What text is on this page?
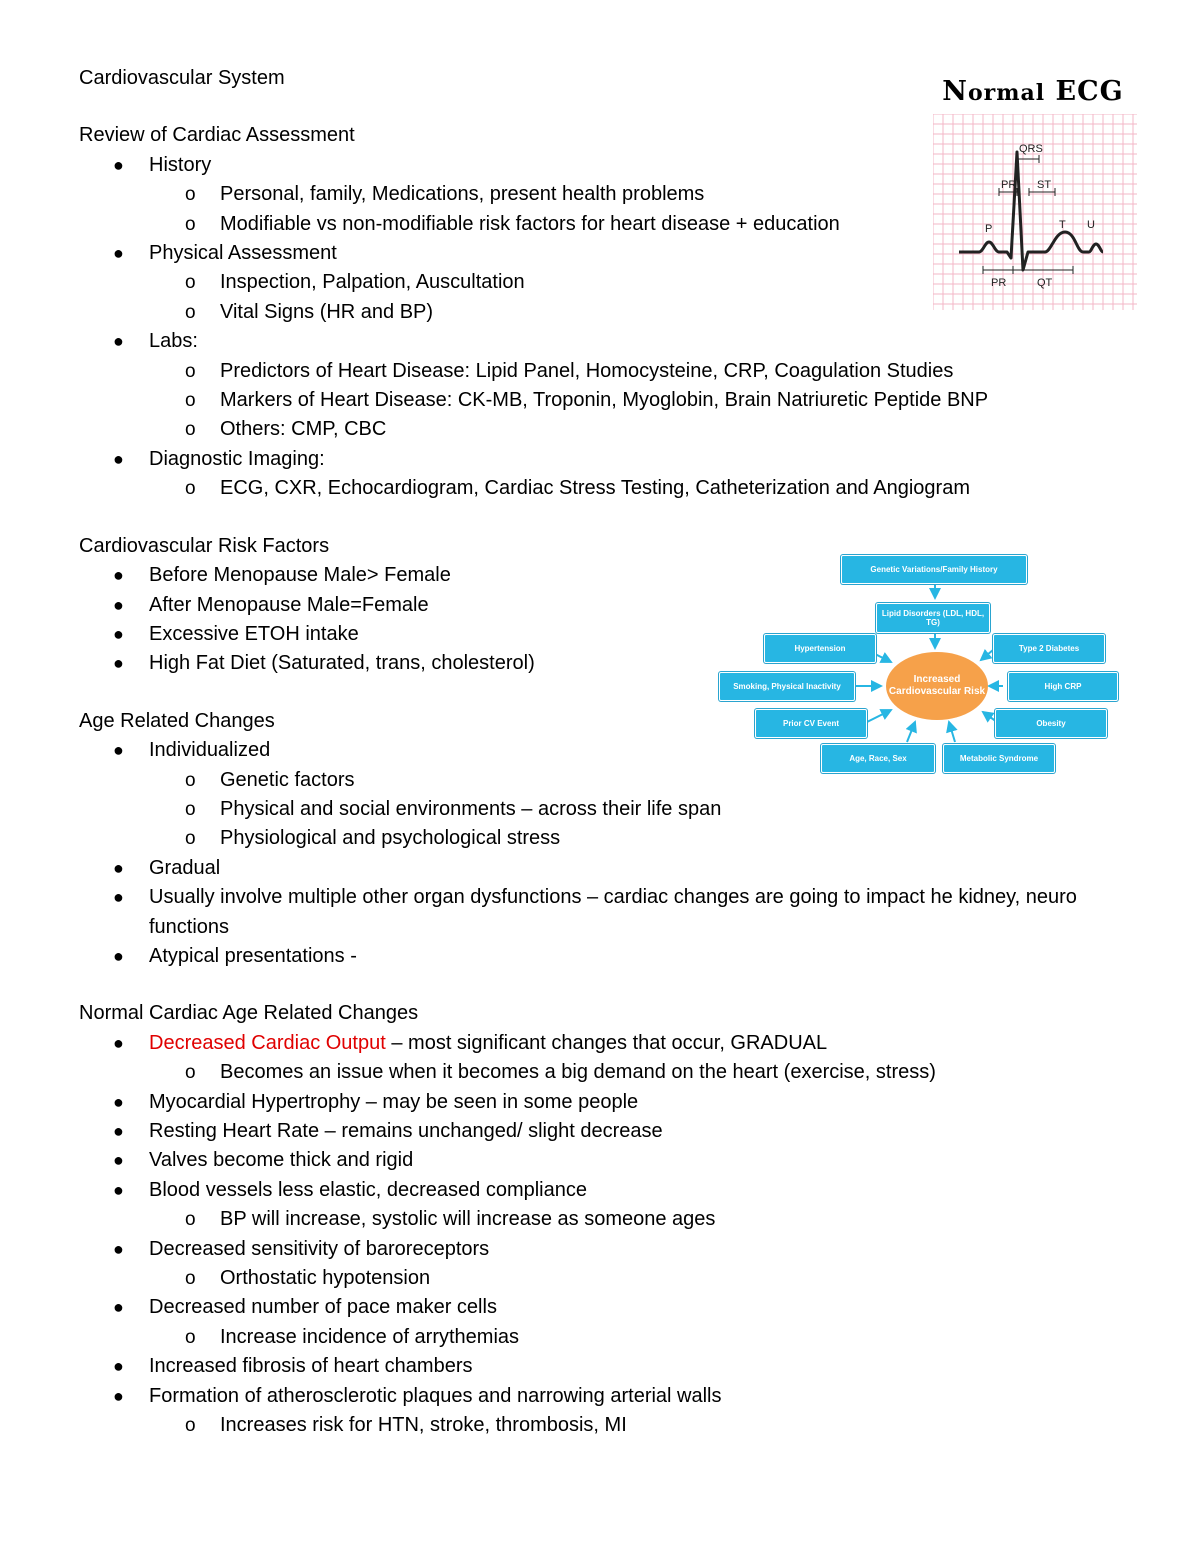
Cardiovascular System

Review of Cardiac Assessment

● History
o Personal, family, Medications, present health problems
o Modifiable vs non-modifiable risk factors for heart disease + education
● Physical Assessment
o Inspection, Palpation, Auscultation
o Vital Signs (HR and BP)
● Labs:
o Predictors of Heart Disease: Lipid Panel, Homocysteine, CRP, Coagulation Studies
o Markers of Heart Disease: CK-MB, Troponin, Myoglobin, Brain Natriuretic Peptide BNP
o Others: CMP, CBC
● Diagnostic Imaging:
o ECG, CXR, Echocardiogram, Cardiac Stress Testing, Catheterization and Angiogram

Cardiovascular Risk Factors

● Before Menopause Male> Female
● After Menopause Male=Female
● Excessive ETOH intake
● High Fat Diet (Saturated, trans, cholesterol)

Age Related Changes

● Individualized
o Genetic factors
o Physical and social environments – across their life span
o Physiological and psychological stress
● Gradual
● Usually involve multiple other organ dysfunctions – cardiac changes are going to impact he kidney, neuro functions
● Atypical presentations -

Normal Cardiac Age Related Changes

● Decreased Cardiac Output – most significant changes that occur, GRADUAL
o Becomes an issue when it becomes a big demand on the heart (exercise, stress)
● Myocardial Hypertrophy – may be seen in some people
● Resting Heart Rate – remains unchanged/ slight decrease
● Valves become thick and rigid
● Blood vessels less elastic, decreased compliance
o BP will increase, systolic will increase as someone ages
● Decreased sensitivity of baroreceptors
o Orthostatic hypotension
● Decreased number of pace maker cells
o Increase incidence of arrythemias
● Increased fibrosis of heart chambers
● Formation of atherosclerotic plaques and narrowing arterial walls
o Increases risk for HTN, stroke, thrombosis, MI
Normal ECG
QRS
PR ST
P	T U
PR	QT
Genetic Variations/Family History
Lipid Disorders (LDL, HDL, TG)
Hypertension	Type 2 Diabetes
Smoking, Physical Inactivity	High CRP
Prior CV Event	Obesity
Age, Race, Sex	Metabolic Syndrome
Increased Cardiovascular Risk
